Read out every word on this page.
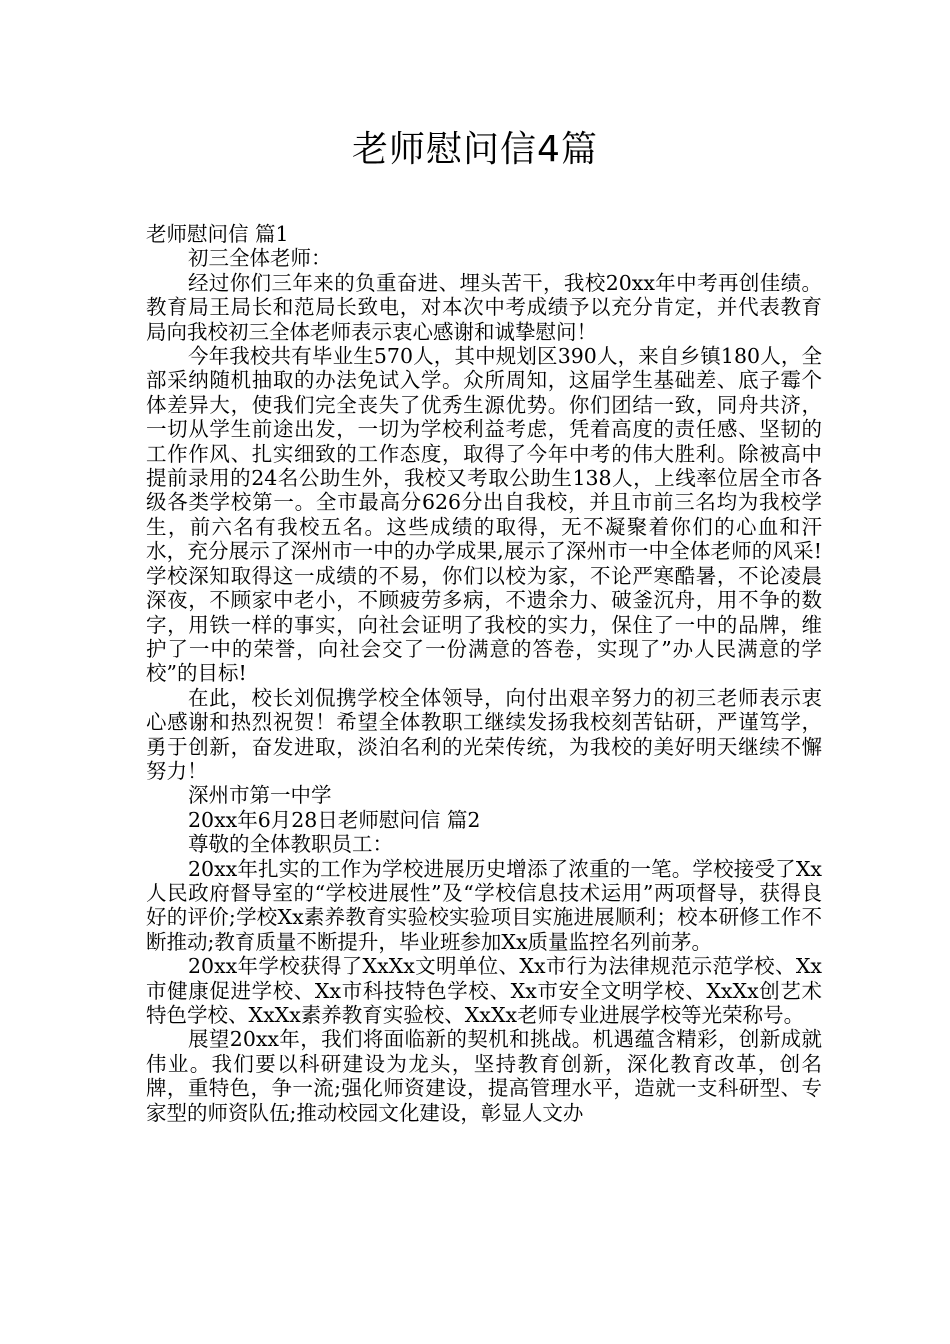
老师慰问信4篇

老师慰问信 篇1

初三全体老师：

经过你们三年来的负重奋进、埋头苦干，我校20xx年中考再创佳绩。教育局王局长和范局长致电，对本次中考成绩予以充分肯定，并代表教育局向我校初三全体老师表示衷心感谢和诚挚慰问！

今年我校共有毕业生570人，其中规划区390人，来自乡镇180人，全部采纳随机抽取的办法免试入学。众所周知，这届学生基础差、底子霉个体差异大，使我们完全丧失了优秀生源优势。你们团结一致，同舟共济，一切从学生前途出发，一切为学校利益考虑，凭着高度的责任感、坚韧的工作作风、扎实细致的工作态度，取得了今年中考的伟大胜利。除被高中提前录用的24名公助生外，我校又考取公助生138人，上线率位居全市各级各类学校第一。全市最高分626分出自我校，并且市前三名均为我校学生，前六名有我校五名。这些成绩的取得，无不凝聚着你们的心血和汗水，充分展示了深州市一中的办学成果,展示了深州市一中全体老师的风采!学校深知取得这一成绩的不易，你们以校为家，不论严寒酷暑，不论凌晨深夜，不顾家中老小，不顾疲劳多病，不遗余力、破釜沉舟，用不争的数字，用铁一样的事实，向社会证明了我校的实力，保住了一中的品牌，维护了一中的荣誉，向社会交了一份满意的答卷，实现了”办人民满意的学校”的目标!

在此，校长刘侃携学校全体领导，向付出艰辛努力的初三老师表示衷心感谢和热烈祝贺！希望全体教职工继续发扬我校刻苦钻研，严谨笃学，勇于创新，奋发进取，淡泊名利的光荣传统，为我校的美好明天继续不懈努力！

深州市第一中学

20xx年6月28日老师慰问信 篇2

尊敬的全体教职员工：

20xx年扎实的工作为学校进展历史增添了浓重的一笔。学校接受了Xx人民政府督导室的“学校进展性”及“学校信息技术运用”两项督导，获得良好的评价;学校Xx素养教育实验校实验项目实施进展顺利；校本研修工作不断推动;教育质量不断提升，毕业班参加Xx质量监控名列前茅。

20xx年学校获得了XxXx文明单位、Xx市行为法律规范示范学校、Xx市健康促进学校、Xx市科技特色学校、Xx市安全文明学校、XxXx创艺术特色学校、XxXx素养教育实验校、XxXx老师专业进展学校等光荣称号。

展望20xx年，我们将面临新的契机和挑战。机遇蕴含精彩，创新成就伟业。我们要以科研建设为龙头，坚持教育创新，深化教育改革，创名牌，重特色，争一流;强化师资建设，提高管理水平，造就一支科研型、专家型的师资队伍;推动校园文化建设，彰显人文办
